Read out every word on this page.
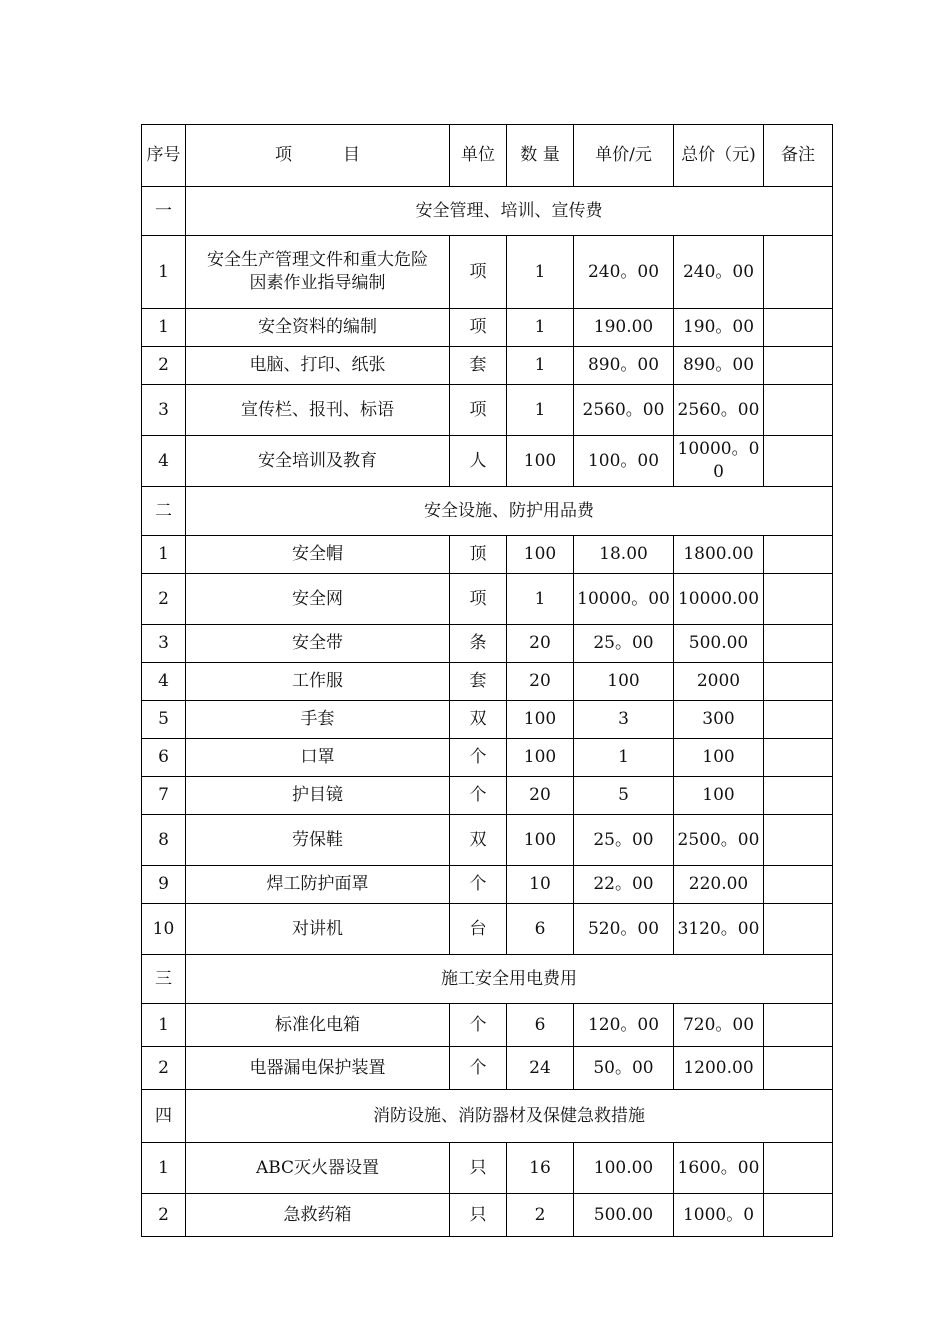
序号	项　　　目	单位	数 量	单价/元	总价（元)	备注
一	安全管理、培训、宣传费					
1	安全生产管理文件和重大危险因素作业指导编制	项	1	240。00	240。00	
1	安全资料的编制	项	1	190.00	190。00	
2	电脑、打印、纸张	套	1	890。00	890。00	
3	宣传栏、报刊、标语	项	1	2560。00	2560。00	
4	安全培训及教育	人	100	100。00	10000。00	
二	安全设施、防护用品费					
1	安全帽	顶	100	18.00	1800.00	
2	安全网	项	1	10000。00	10000.00	
3	安全带	条	20	25。00	500.00	
4	工作服	套	20	100	2000	
5	手套	双	100	3	300	
6	口罩	个	100	1	100	
7	护目镜	个	20	5	100	
8	劳保鞋	双	100	25。00	2500。00	
9	焊工防护面罩	个	10	22。00	220.00	
10	对讲机	台	6	520。00	3120。00	
三	施工安全用电费用					
1	标准化电箱	个	6	120。00	720。00	
2	电器漏电保护装置	个	24	50。00	1200.00	
四	消防设施、消防器材及保健急救措施					
1	ABC灭火器设置	只	16	100.00	1600。00	
2	急救药箱	只	2	500.00	1000。0	
